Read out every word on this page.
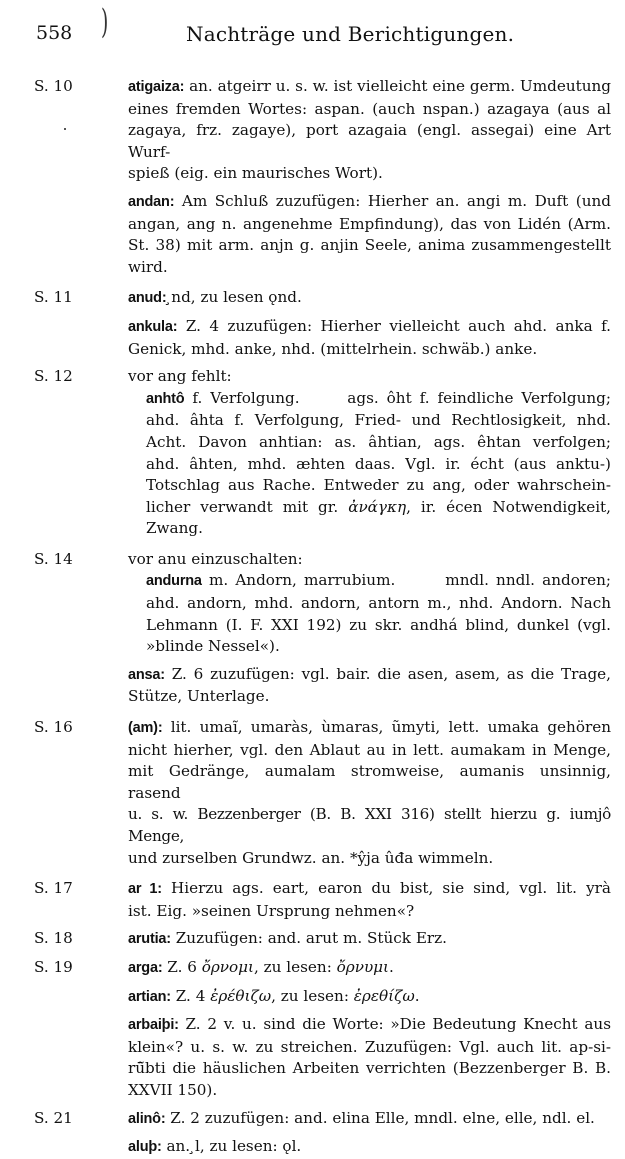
558 )	Nachträge und Berichtigungen.
S. 10	atigaiza: an. atgeirr u. s. w. ist vielleicht eine germ. Umdeutung
eines fremden Wortes: aspan. (auch nspan.) azagaya (aus al
zagaya, frz. zagaye), port azagaia (engl. assegai) eine Art Wurf-
spieß (eig. ein maurisches Wort).
andan: Am Schluß zuzufügen: Hierher an. angi m. Duft (und
angan, ang n. angenehme Empfindung), das von Lidén (Arm.
St. 38) mit arm. anjn g. anjin Seele, anima zusammengestellt
wird.
S. 11	anud: ̧nd, zu lesen ǫnd.
ankula: Z. 4 zuzufügen: Hierher vielleicht auch ahd. anka f.
Genick, mhd. anke, nhd. (mittelrhein. schwäb.) anke.
S. 12	vor ang fehlt:
anhtô f. Verfolgung.      ags. ôht f. feindliche Verfolgung;
ahd. âhta f. Verfolgung, Fried- und Rechtlosigkeit, nhd.
Acht. Davon anhtian: as. âhtian, ags. êhtan verfolgen;
ahd. âhten, mhd. æhten daas. Vgl. ir. écht (aus anktu-)
Totschlag aus Rache. Entweder zu ang, oder wahrschein-
licher verwandt mit gr. ἀνάγκη, ir. écen Notwendigkeit,
Zwang.
S. 14	vor anu einzuschalten:
andurna m. Andorn, marrubium.       mndl. nndl. andoren;
ahd. andorn, mhd. andorn, antorn m., nhd. Andorn. Nach
Lehmann (I. F. XXI 192) zu skr. andhá blind, dunkel (vgl.
»blinde Nessel«).
ansa: Z. 6 zuzufügen: vgl. bair. die asen, asem, as die Trage,
Stütze, Unterlage.
S. 16	(am): lit. umaĩ, umaràs, ùmaras, ũmyti, lett. umaka gehören
nicht hierher, vgl. den Ablaut au in lett. aumakam in Menge,
mit Gedränge, aumalam stromweise, aumanis unsinnig, rasend
u. s. w. Bezzenberger (B. B. XXI 316) stellt hierzu g. iumjô Menge,
und zurselben Grundwz. an. *ŷja ûđa wimmeln.
S. 17	ar 1: Hierzu ags. eart, earon du bist, sie sind, vgl. lit. yrà
ist. Eig. »seinen Ursprung nehmen«?
S. 18	arutia: Zuzufügen: and. arut m. Stück Erz.
S. 19	arga: Z. 6 ὄρνομι, zu lesen: ὄρνυμι.
artian: Z. 4 ἐρέθιζω, zu lesen: ἐρεθίζω.
arbaiþi: Z. 2 v. u. sind die Worte: »Die Bedeutung Knecht aus
klein«? u. s. w. zu streichen. Zuzufügen: Vgl. auch lit. ap-si-
rū̃bti die häuslichen Arbeiten verrichten (Bezzenberger B. B.
XXVII 150).
S. 21	alinô: Z. 2 zuzufügen: and. elina Elle, mndl. elne, elle, ndl. el.
aluþ: an. ̧l, zu lesen: ǫl.
